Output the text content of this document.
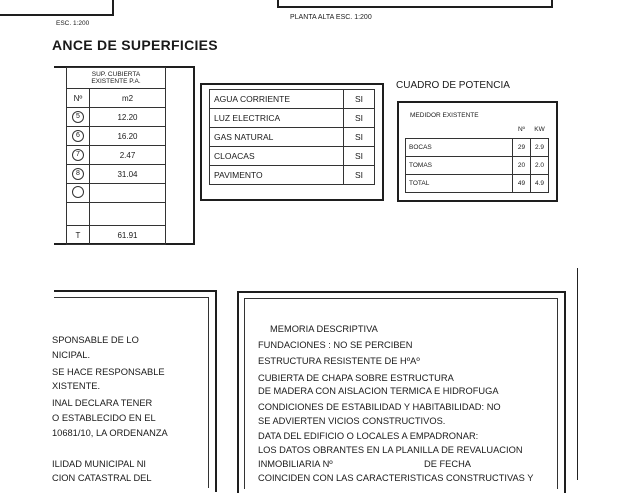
ESC. 1:200
PLANTA ALTA ESC. 1:200
ANCE DE SUPERFICIES
SUP. CUBIERTA
EXISTENTE P.A.	

Nº	m2
5	12.20
6	16.20
7	2.47
8	31.04

T	61.91
AGUA CORRIENTE	SI
LUZ ELECTRICA	SI
GAS NATURAL	SI
CLOACAS	SI
PAVIMENTO	SI
CUADRO DE POTENCIA
MEDIDOR EXISTENTE
	Nº	KW
BOCAS	29	2.9
TOMAS	20	2.0
TOTAL	49	4.9
SPONSABLE DE LO
NICIPAL.
SE HACE RESPONSABLE
XISTENTE.
INAL DECLARA TENER
O ESTABLECIDO EN EL
10681/10, LA ORDENANZA
ILIDAD MUNICIPAL NI
CION CATASTRAL DEL
MEMORIA DESCRIPTIVA
FUNDACIONES : NO SE PERCIBEN
ESTRUCTURA RESISTENTE DE HºAº
CUBIERTA DE CHAPA SOBRE ESTRUCTURA
DE MADERA CON AISLACION TERMICA E HIDROFUGA
CONDICIONES DE ESTABILIDAD Y HABITABILIDAD: NO
SE ADVIERTEN VICIOS CONSTRUCTIVOS.
DATA DEL EDIFICIO O LOCALES A EMPADRONAR:
LOS DATOS OBRANTES EN LA PLANILLA DE REVALUACION
INMOBILIARIA Nº	DE FECHA
COINCIDEN CON LAS CARACTERISTICAS CONSTRUCTIVAS Y
